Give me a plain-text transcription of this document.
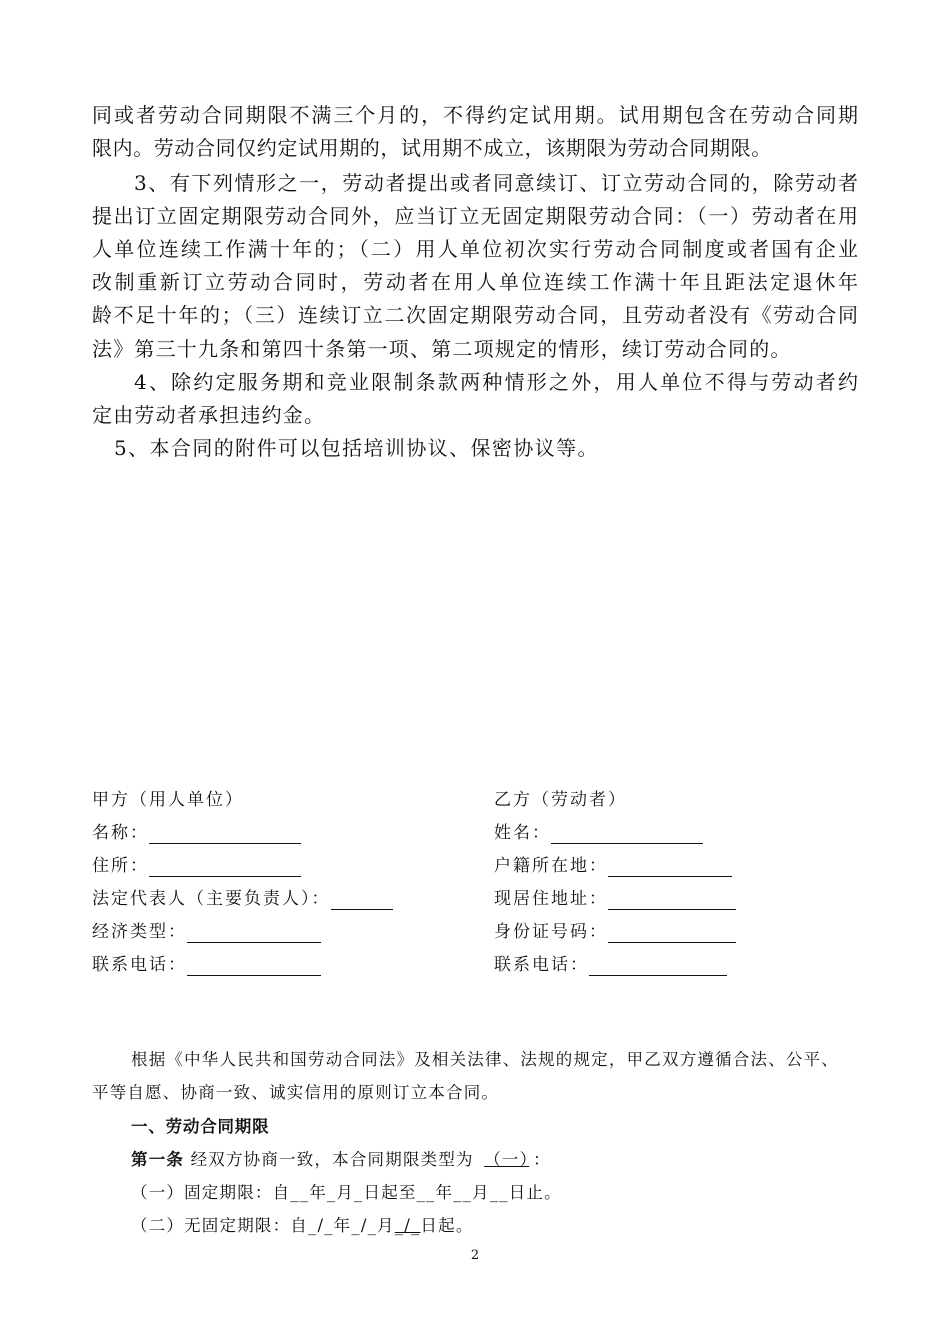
同或者劳动合同期限不满三个月的，不得约定试用期。试用期包含在劳动合同期
限内。劳动合同仅约定试用期的，试用期不成立，该期限为劳动合同期限。
3、有下列情形之一，劳动者提出或者同意续订、订立劳动合同的，除劳动者
提出订立固定期限劳动合同外，应当订立无固定期限劳动合同：（一）劳动者在用
人单位连续工作满十年的；（二）用人单位初次实行劳动合同制度或者国有企业
改制重新订立劳动合同时，劳动者在用人单位连续工作满十年且距法定退休年
龄不足十年的；（三）连续订立二次固定期限劳动合同，且劳动者没有《劳动合同
法》第三十九条和第四十条第一项、第二项规定的情形，续订劳动合同的。
4、除约定服务期和竞业限制条款两种情形之外，用人单位不得与劳动者约
定由劳动者承担违约金。
5、本合同的附件可以包括培训协议、保密协议等。
甲方（用人单位）
名称：
住所：
法定代表人（主要负责人）：
经济类型：
联系电话：
乙方（劳动者）
姓名：
户籍所在地：
现居住地址：
身份证号码：
联系电话：
根据《中华人民共和国劳动合同法》及相关法律、法规的规定，甲乙双方遵循合法、公平、
平等自愿、协商一致、诚实信用的原则订立本合同。
一、劳动合同期限
第一条 经双方协商一致，本合同期限类型为 （一） ：
（一）固定期限：自__年_月_日起至__年__月__日止。
（二）无固定期限：自_/_年_/_月_/_日起。
2
